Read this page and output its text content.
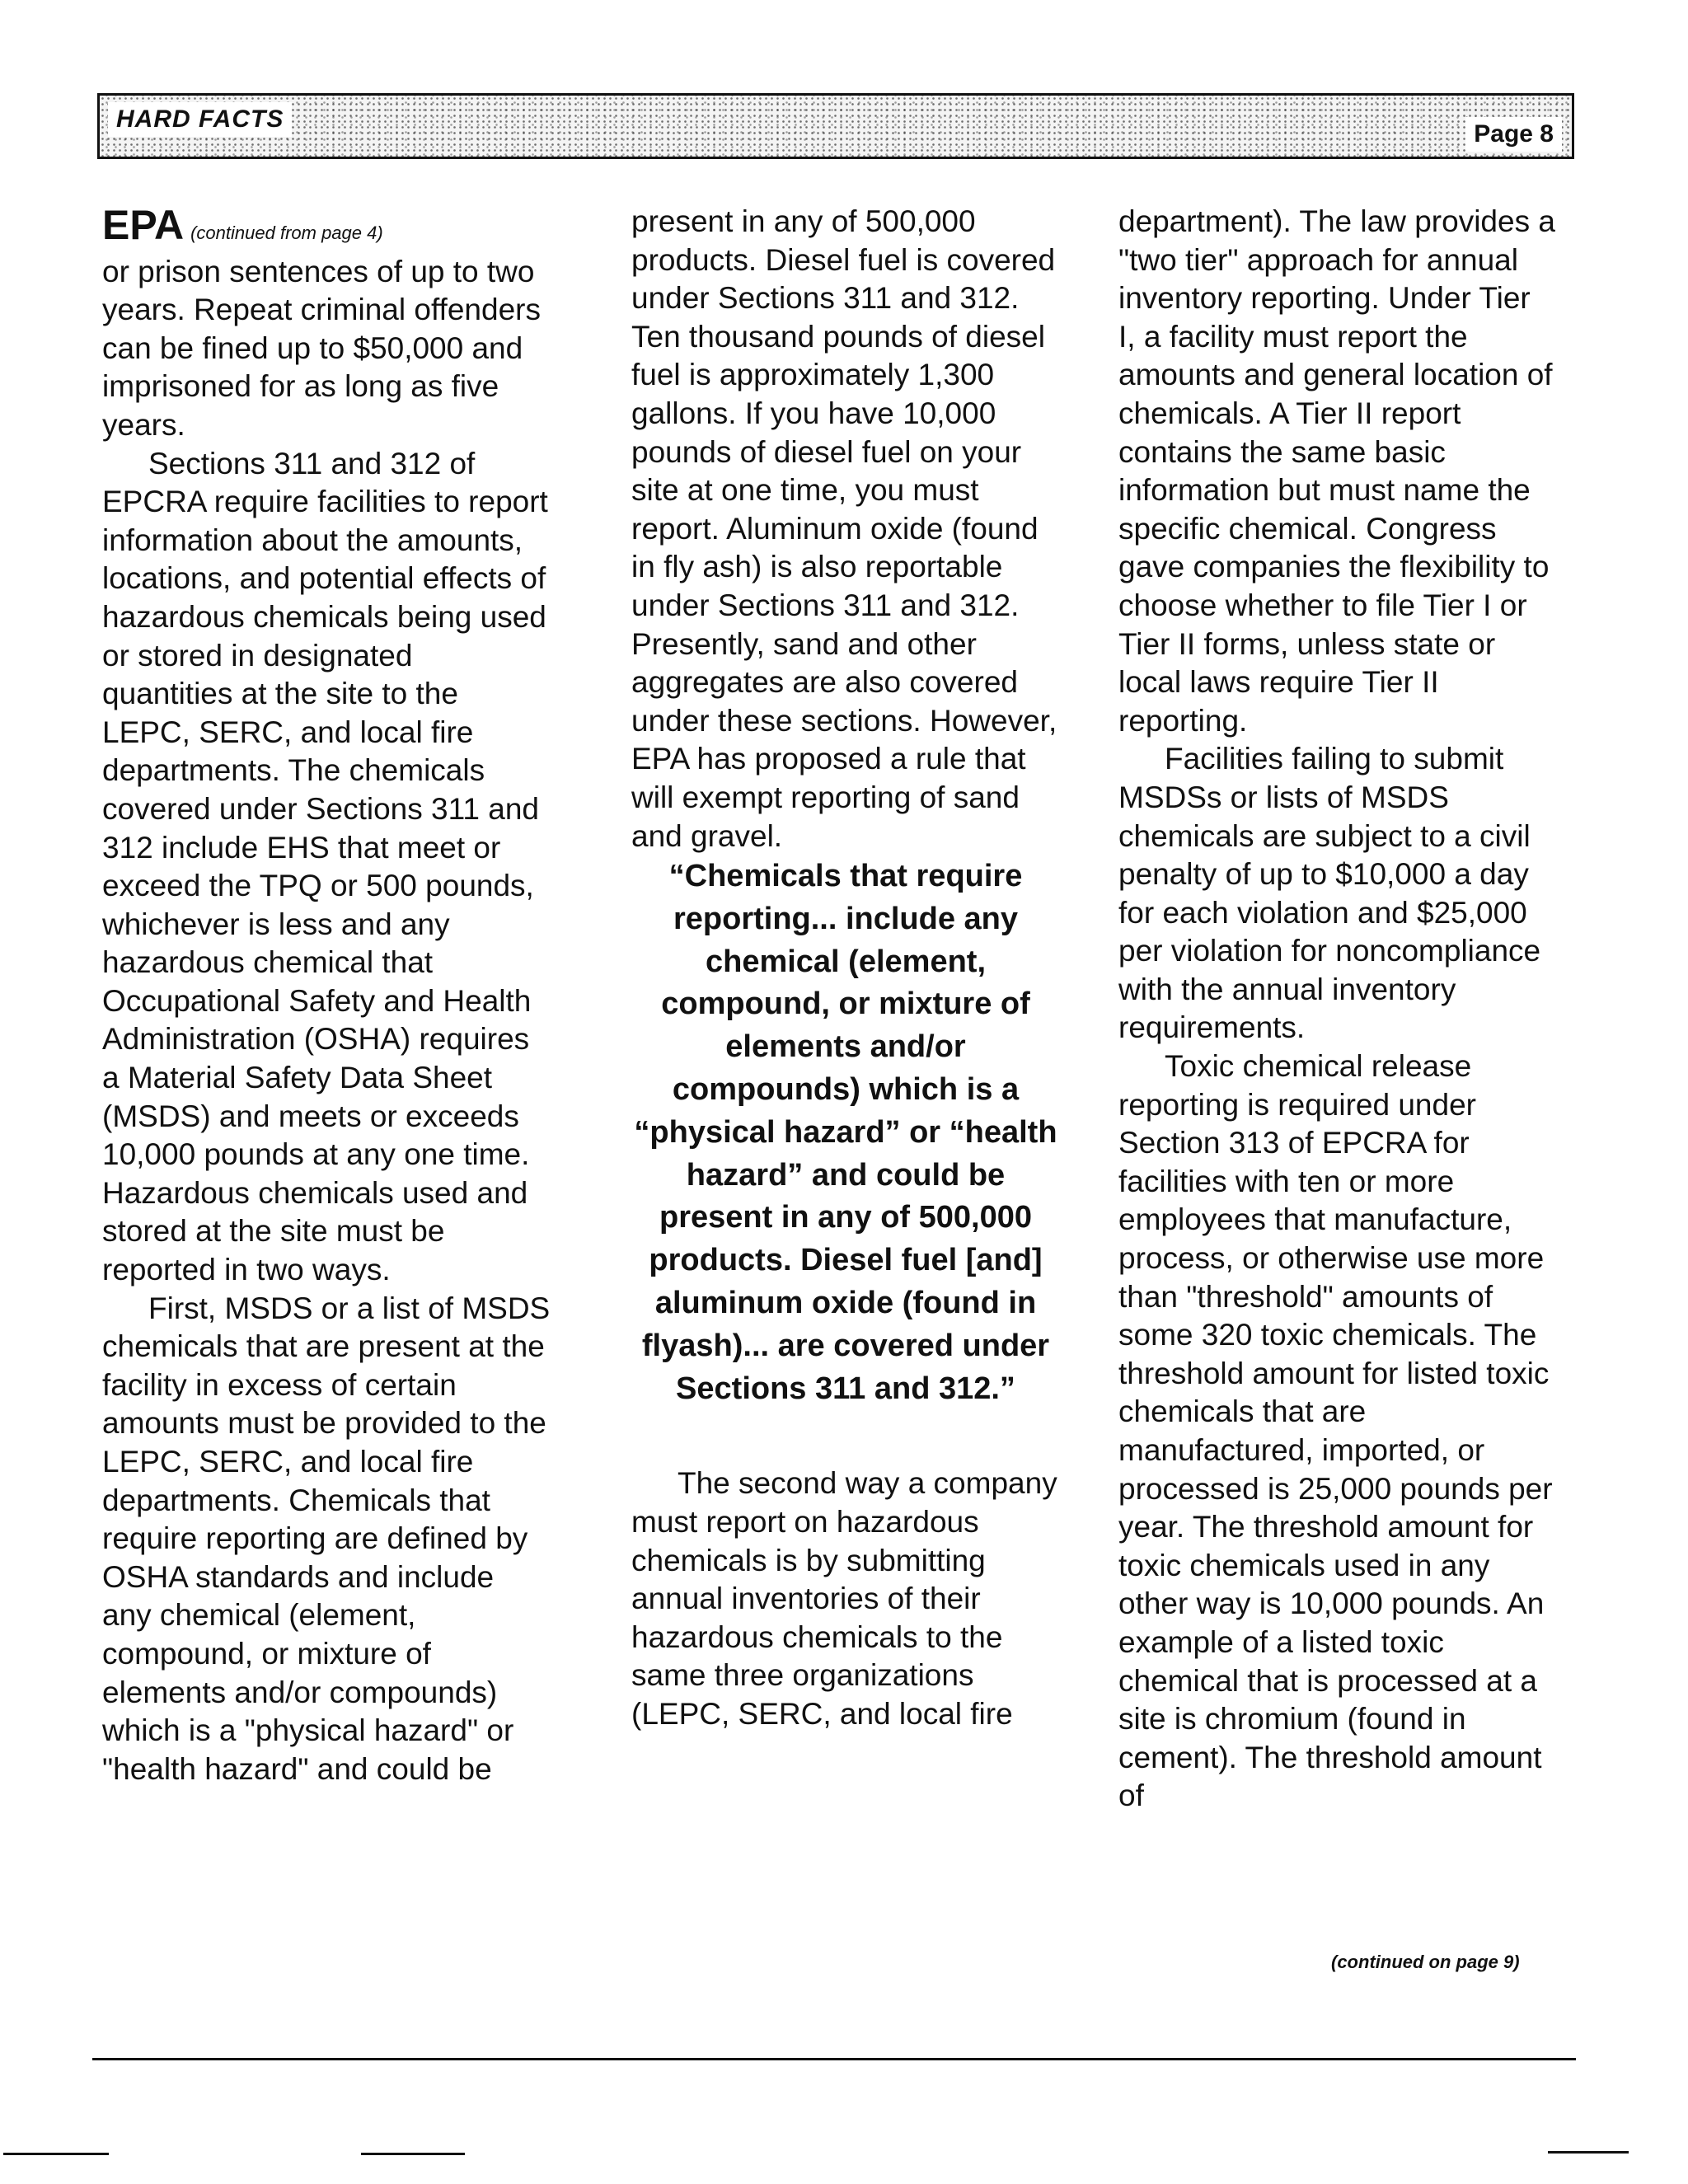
HARD FACTS
Page 8
EPA (continued from page 4)

or prison sentences of up to two years. Repeat criminal offenders can be fined up to $50,000 and imprisoned for as long as five years.

Sections 311 and 312 of EPCRA require facilities to report information about the amounts, locations, and potential effects of hazardous chemicals being used or stored in designated quantities at the site to the LEPC, SERC, and local fire departments. The chemicals covered under Sections 311 and 312 include EHS that meet or exceed the TPQ or 500 pounds, whichever is less and any hazardous chemical that Occupational Safety and Health Administration (OSHA) requires a Material Safety Data Sheet (MSDS) and meets or exceeds 10,000 pounds at any one time. Hazardous chemicals used and stored at the site must be reported in two ways.

First, MSDS or a list of MSDS chemicals that are present at the facility in excess of certain amounts must be provided to the LEPC, SERC, and local fire departments. Chemicals that require reporting are defined by OSHA standards and include any chemical (element, compound, or mixture of elements and/or compounds) which is a "physical hazard" or "health hazard" and could be

present in any of 500,000 products. Diesel fuel is covered under Sections 311 and 312. Ten thousand pounds of diesel fuel is approximately 1,300 gallons. If you have 10,000 pounds of diesel fuel on your site at one time, you must report. Aluminum oxide (found in fly ash) is also reportable under Sections 311 and 312. Presently, sand and other aggregates are also covered under these sections. However, EPA has proposed a rule that will exempt reporting of sand and gravel.

“Chemicals that require reporting... include any chemical (element, compound, or mixture of elements and/or compounds) which is a “physical hazard” or “health hazard” and could be present in any of 500,000 products. Diesel fuel [and] aluminum oxide (found in flyash)... are covered under Sections 311 and 312.”

The second way a company must report on hazardous chemicals is by submitting annual inventories of their hazardous chemicals to the same three organizations (LEPC, SERC, and local fire

department). The law provides a "two tier" approach for annual inventory reporting. Under Tier I, a facility must report the amounts and general location of chemicals. A Tier II report contains the same basic information but must name the specific chemical. Congress gave companies the flexibility to choose whether to file Tier I or Tier II forms, unless state or local laws require Tier II reporting.

Facilities failing to submit MSDSs or lists of MSDS chemicals are subject to a civil penalty of up to $10,000 a day for each violation and $25,000 per violation for noncompliance with the annual inventory requirements.

Toxic chemical release reporting is required under Section 313 of EPCRA for facilities with ten or more employees that manufacture, process, or otherwise use more than "threshold" amounts of some 320 toxic chemicals. The threshold amount for listed toxic chemicals that are manufactured, imported, or processed is 25,000 pounds per year. The threshold amount for toxic chemicals used in any other way is 10,000 pounds. An example of a listed toxic chemical that is processed at a site is chromium (found in cement). The threshold amount of

(continued on page 9)
